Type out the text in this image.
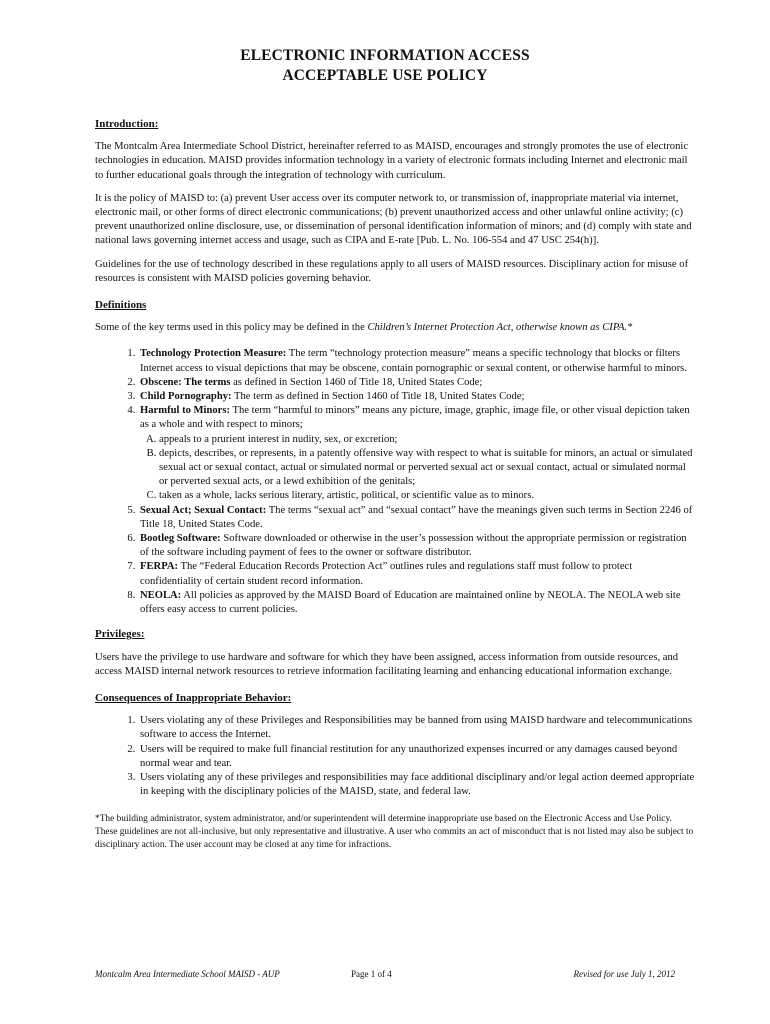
ELECTRONIC INFORMATION ACCESS
ACCEPTABLE USE POLICY
Introduction:

The Montcalm Area Intermediate School District, hereinafter referred to as MAISD, encourages and strongly promotes the use of electronic technologies in education. MAISD provides information technology in a variety of electronic formats including Internet and electronic mail to further educational goals through the integration of technology with curriculum.

It is the policy of MAISD to: (a) prevent User access over its computer network to, or transmission of, inappropriate material via internet, electronic mail, or other forms of direct electronic communications; (b) prevent unauthorized access and other unlawful online activity; (c) prevent unauthorized online disclosure, use, or dissemination of personal identification information of minors; and (d) comply with state and national laws governing internet access and usage, such as CIPA and E-rate [Pub. L. No. 106-554 and 47 USC 254(h)].

Guidelines for the use of technology described in these regulations apply to all users of MAISD resources. Disciplinary action for misuse of resources is consistent with MAISD policies governing behavior.

Definitions

Some of the key terms used in this policy may be defined in the Children’s Internet Protection Act, otherwise known as CIPA.*

1. Technology Protection Measure: The term “technology protection measure” means a specific technology that blocks or filters Internet access to visual depictions that may be obscene, contain pornographic or sexual content, or otherwise harmful to minors.
2. Obscene: The terms as defined in Section 1460 of Title 18, United States Code;
3. Child Pornography: The term as defined in Section 1460 of Title 18, United States Code;
4. Harmful to Minors: The term “harmful to minors” means any picture, image, graphic, image file, or other visual depiction taken as a whole and with respect to minors;
A. appeals to a prurient interest in nudity, sex, or excretion;
B. depicts, describes, or represents, in a patently offensive way with respect to what is suitable for minors, an actual or simulated sexual act or sexual contact, actual or simulated normal or perverted sexual act or sexual contact, actual or simulated normal or perverted sexual acts, or a lewd exhibition of the genitals;
C. taken as a whole, lacks serious literary, artistic, political, or scientific value as to minors.
5. Sexual Act; Sexual Contact: The terms “sexual act” and “sexual contact” have the meanings given such terms in Section 2246 of Title 18, United States Code.
6. Bootleg Software: Software downloaded or otherwise in the user’s possession without the appropriate permission or registration of the software including payment of fees to the owner or software distributor.
7. FERPA: The “Federal Education Records Protection Act” outlines rules and regulations staff must follow to protect confidentiality of certain student record information.
8. NEOLA: All policies as approved by the MAISD Board of Education are maintained online by NEOLA. The NEOLA web site offers easy access to current policies.
Privileges:

Users have the privilege to use hardware and software for which they have been assigned, access information from outside resources, and access MAISD internal network resources to retrieve information facilitating learning and enhancing educational information exchange.

Consequences of Inappropriate Behavior:
1. Users violating any of these Privileges and Responsibilities may be banned from using MAISD hardware and telecommunications software to access the Internet.
2. Users will be required to make full financial restitution for any unauthorized expenses incurred or any damages caused beyond normal wear and tear.
3. Users violating any of these privileges and responsibilities may face additional disciplinary and/or legal action deemed appropriate in keeping with the disciplinary policies of the MAISD, state, and federal law.
*The building administrator, system administrator, and/or superintendent will determine inappropriate use based on the Electronic Access and Use Policy. These guidelines are not all-inclusive, but only representative and illustrative. A user who commits an act of misconduct that is not listed may also be subject to disciplinary action. The user account may be closed at any time for infractions.
Montcalm Area Intermediate School MAISD - AUP	Page 1 of 4	Revised for use July 1, 2012
